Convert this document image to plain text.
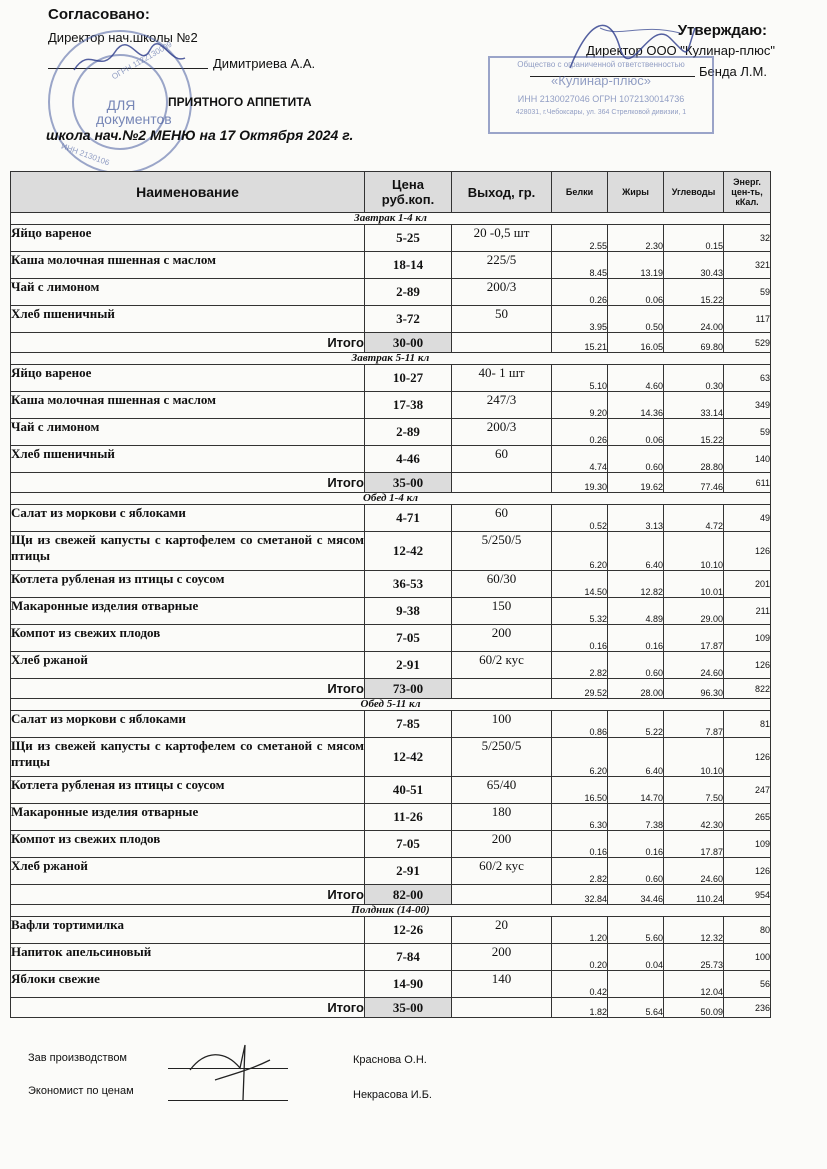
Согласовано:
Директор нач.школы №2
Димитриева А.А.
ДЛЯ документов
ОГРН 1122130009
ИНН 2130106
ПРИЯТНОГО АППЕТИТА
школа нач.№2 МЕНЮ на 17 Октября 2024 г.
Утверждаю:
Директор ООО "Кулинар-плюс"
Бенда Л.М.
Общество с ограниченной ответственностью
«Кулинар-плюс»
ИНН 2130027046 ОГРН 1072130014736
428031, г.Чебоксары, ул. 364 Стрелковой дивизии, 1
Наименование	Цена руб.коп.	Выход, гр.	Белки	Жиры	Углеводы	Энерг. цен-ть, кКал.
Завтрак 1-4 кл						
Яйцо вареное	5-25	20 -0,5 шт	2.55	2.30	0.15	32
Каша молочная пшенная с маслом	18-14	225/5	8.45	13.19	30.43	321
Чай с лимоном	2-89	200/3	0.26	0.06	15.22	59
Хлеб пшеничный	3-72	50	3.95	0.50	24.00	117
Итого	30-00		15.21	16.05	69.80	529
Завтрак 5-11 кл						
Яйцо вареное	10-27	40- 1 шт	5.10	4.60	0.30	63
Каша молочная пшенная с маслом	17-38	247/3	9.20	14.36	33.14	349
Чай с лимоном	2-89	200/3	0.26	0.06	15.22	59
Хлеб пшеничный	4-46	60	4.74	0.60	28.80	140
Итого	35-00		19.30	19.62	77.46	611
Обед 1-4 кл						
Салат из моркови с яблоками	4-71	60	0.52	3.13	4.72	49
Щи из свежей капусты с картофелем со сметаной с мясом птицы	12-42	5/250/5	6.20	6.40	10.10	126
Котлета рубленая из птицы с соусом	36-53	60/30	14.50	12.82	10.01	201
Макаронные изделия отварные	9-38	150	5.32	4.89	29.00	211
Компот из свежих плодов	7-05	200	0.16	0.16	17.87	109
Хлеб ржаной	2-91	60/2 кус	2.82	0.60	24.60	126
Итого	73-00		29.52	28.00	96.30	822
Обед 5-11 кл						
Салат из моркови с яблоками	7-85	100	0.86	5.22	7.87	81
Щи из свежей капусты с картофелем со сметаной с мясом птицы	12-42	5/250/5	6.20	6.40	10.10	126
Котлета рубленая из птицы с соусом	40-51	65/40	16.50	14.70	7.50	247
Макаронные изделия отварные	11-26	180	6.30	7.38	42.30	265
Компот из свежих плодов	7-05	200	0.16	0.16	17.87	109
Хлеб ржаной	2-91	60/2 кус	2.82	0.60	24.60	126
Итого	82-00		32.84	34.46	110.24	954
Полдник (14-00)						
Вафли тортимилка	12-26	20	1.20	5.60	12.32	80
Напиток апельсиновый	7-84	200	0.20	0.04	25.73	100
Яблоки свежие	14-90	140	0.42		12.04	56
Итого	35-00		1.82	5.64	50.09	236
Зав производством	Краснова О.Н.
Экономист по ценам	Некрасова И.Б.
